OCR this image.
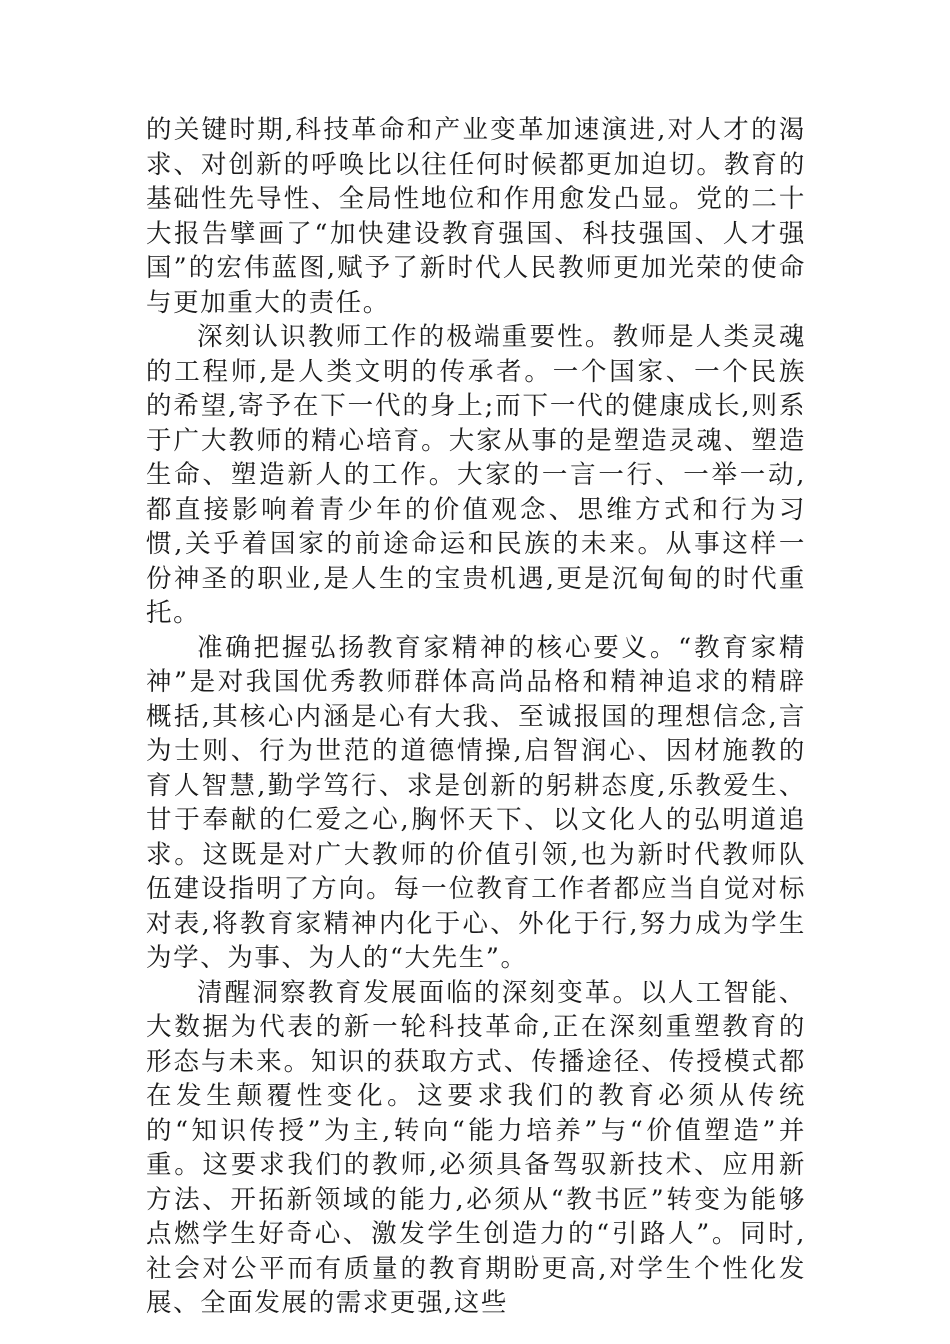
的关键时期,科技革命和产业变革加速演进,对人才的渴求、对创新的呼唤比以往任何时候都更加迫切。教育的基础性先导性、全局性地位和作用愈发凸显。党的二十大报告擘画了“加快建设教育强国、科技强国、人才强国”的宏伟蓝图,赋予了新时代人民教师更加光荣的使命与更加重大的责任。

深刻认识教师工作的极端重要性。教师是人类灵魂的工程师,是人类文明的传承者。一个国家、一个民族的希望,寄予在下一代的身上;而下一代的健康成长,则系于广大教师的精心培育。大家从事的是塑造灵魂、塑造生命、塑造新人的工作。大家的一言一行、一举一动,都直接影响着青少年的价值观念、思维方式和行为习惯,关乎着国家的前途命运和民族的未来。从事这样一份神圣的职业,是人生的宝贵机遇,更是沉甸甸的时代重托。

准确把握弘扬教育家精神的核心要义。“教育家精神”是对我国优秀教师群体高尚品格和精神追求的精辟概括,其核心内涵是心有大我、至诚报国的理想信念,言为士则、行为世范的道德情操,启智润心、因材施教的育人智慧,勤学笃行、求是创新的躬耕态度,乐教爱生、甘于奉献的仁爱之心,胸怀天下、以文化人的弘明道追求。这既是对广大教师的价值引领,也为新时代教师队伍建设指明了方向。每一位教育工作者都应当自觉对标对表,将教育家精神内化于心、外化于行,努力成为学生为学、为事、为人的“大先生”。

清醒洞察教育发展面临的深刻变革。以人工智能、大数据为代表的新一轮科技革命,正在深刻重塑教育的形态与未来。知识的获取方式、传播途径、传授模式都在发生颠覆性变化。这要求我们的教育必须从传统的“知识传授”为主,转向“能力培养”与“价值塑造”并重。这要求我们的教师,必须具备驾驭新技术、应用新方法、开拓新领域的能力,必须从“教书匠”转变为能够点燃学生好奇心、激发学生创造力的“引路人”。同时,社会对公平而有质量的教育期盼更高,对学生个性化发展、全面发展的需求更强,这些
